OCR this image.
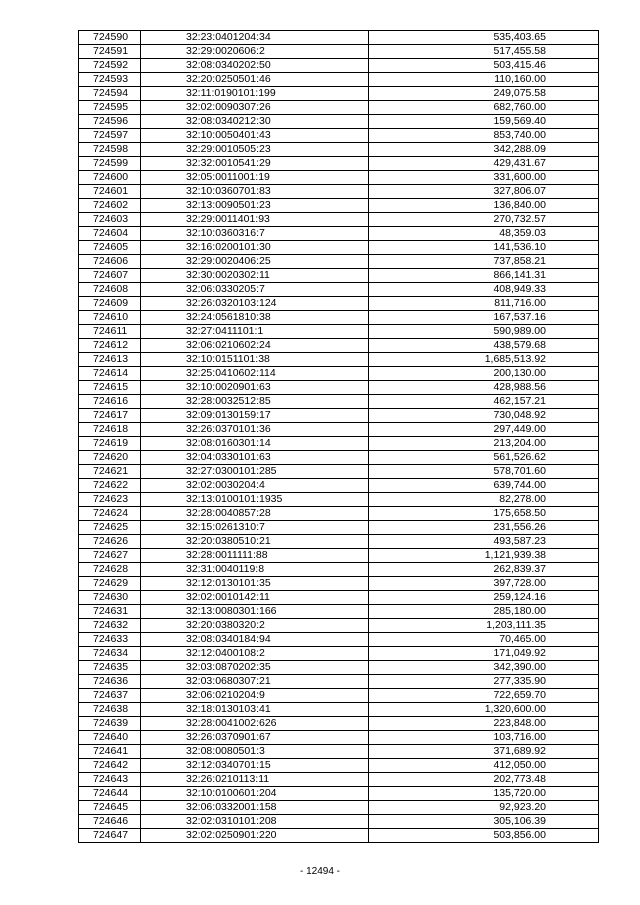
724590	32:23:0401204:34	535,403.65
724591	32:29:0020606:2	517,455.58
724592	32:08:0340202:50	503,415.46
724593	32:20:0250501:46	110,160.00
724594	32:11:0190101:199	249,075.58
724595	32:02:0090307:26	682,760.00
724596	32:08:0340212:30	159,569.40
724597	32:10:0050401:43	853,740.00
724598	32:29:0010505:23	342,288.09
724599	32:32:0010541:29	429,431.67
724600	32:05:0011001:19	331,600.00
724601	32:10:0360701:83	327,806.07
724602	32:13:0090501:23	136,840.00
724603	32:29:0011401:93	270,732.57
724604	32:10:0360316:7	48,359.03
724605	32:16:0200101:30	141,536.10
724606	32:29:0020406:25	737,858.21
724607	32:30:0020302:11	866,141.31
724608	32:06:0330205:7	408,949.33
724609	32:26:0320103:124	811,716.00
724610	32:24:0561810:38	167,537.16
724611	32:27:0411101:1	590,989.00
724612	32:06:0210602:24	438,579.68
724613	32:10:0151101:38	1,685,513.92
724614	32:25:0410602:114	200,130.00
724615	32:10:0020901:63	428,988.56
724616	32:28:0032512:85	462,157.21
724617	32:09:0130159:17	730,048.92
724618	32:26:0370101:36	297,449.00
724619	32:08:0160301:14	213,204.00
724620	32:04:0330101:63	561,526.62
724621	32:27:0300101:285	578,701.60
724622	32:02:0030204:4	639,744.00
724623	32:13:0100101:1935	82,278.00
724624	32:28:0040857:28	175,658.50
724625	32:15:0261310:7	231,556.26
724626	32:20:0380510:21	493,587.23
724627	32:28:0011111:88	1,121,939.38
724628	32:31:0040119:8	262,839.37
724629	32:12:0130101:35	397,728.00
724630	32:02:0010142:11	259,124.16
724631	32:13:0080301:166	285,180.00
724632	32:20:0380320:2	1,203,111.35
724633	32:08:0340184:94	70,465.00
724634	32:12:0400108:2	171,049.92
724635	32:03:0870202:35	342,390.00
724636	32:03:0680307:21	277,335.90
724637	32:06:0210204:9	722,659.70
724638	32:18:0130103:41	1,320,600.00
724639	32:28:0041002:626	223,848.00
724640	32:26:0370901:67	103,716.00
724641	32:08:0080501:3	371,689.92
724642	32:12:0340701:15	412,050.00
724643	32:26:0210113:11	202,773.48
724644	32:10:0100601:204	135,720.00
724645	32:06:0332001:158	92,923.20
724646	32:02:0310101:208	305,106.39
724647	32:02:0250901:220	503,856.00
- 12494 -
